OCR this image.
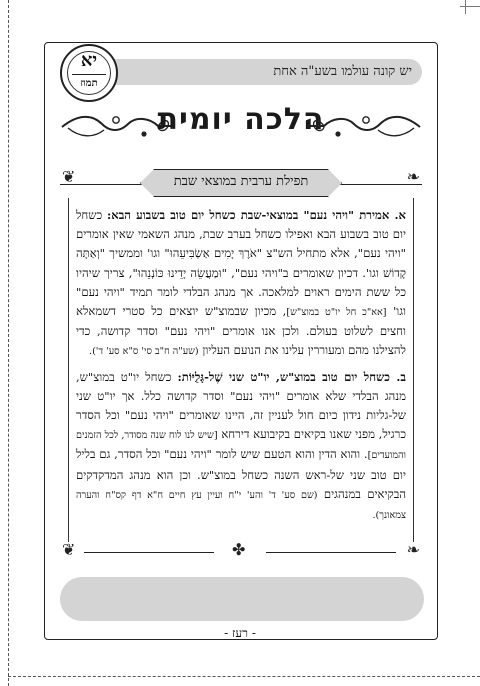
יש קונה עולמו בשע"ה אחת
יא
תמוז
הלכה יומית
❦	❧
תפילת ערבית במוצאי שבת

א. אמירת "ויהי נעם" במוצאי-שבת כשחל יום טוב בשבוע הבא: כשחל יום טוב בשבוע הבא ואפילו כשחל בערב שבת, מנהג השאמי שאין אומרים "ויהי נעם", אלא מתחיל הש"צ "אֹרֶךְ יָמִים אַשְׂבִּיעֵהוּ" וגו' וממשיך "וְאַתָּה קָדוֹשׁ וגו'. דכיון שאומרים ב"ויהי נעם", "וּמַעֲשֵׂה יָדֵינוּ כּוֹנְנֵהוּ", צריך שיהיו כל ששת הימים ראוים למלאכה. אך מנהג הבלדי לומר תמיד "ויהי נעם" וגו' [אא"כ חל יו"ט במוצ"ש], מכיון שבמוצ"ש יוצאים כל סטרי דשמאלא וחצים לשלוט בעולם. ולכן אנו אומרים "ויהי נעם" וסדר קדושה, כדי להצילנו מהם ומעוררין עלינו את הנועם העליון (שע"ה ח"ב סי' ס"א סע' ד').

ב. כשחל יום טוב במוצ"ש, יו"ט שני שֶׁל-גָּלֻיּוֹת: כשחל יו"ט במוצ"ש, מנהג הבלדי שלא אומרים "ויהי נעם" וסדר קדושה כלל. אך יו"ט שני של-גליות נידון כיום חול לעניין זה, היינו שאומרים "ויהי נעם" וכל הסדר כרגיל, מפני שאנו בקיאים בקיבועא דירחא [שיש לנו לוח שנה מסודר, לכל הזמנים והמועדים]. והוא הדין והוא הטעם שיש לומר "ויהי נעם" וכל הסדר, גם בליל יום טוב שני של-ראש השנה כשחל במוצ"ש. וכן הוא מנהג המדקדקים הבקיאים במנהגים (שם סע' ד' והע' י"ח ועיין עץ חיים ח"א דף קס"ח והערה צמאונך).

❦	✤	❧
- רעז -
